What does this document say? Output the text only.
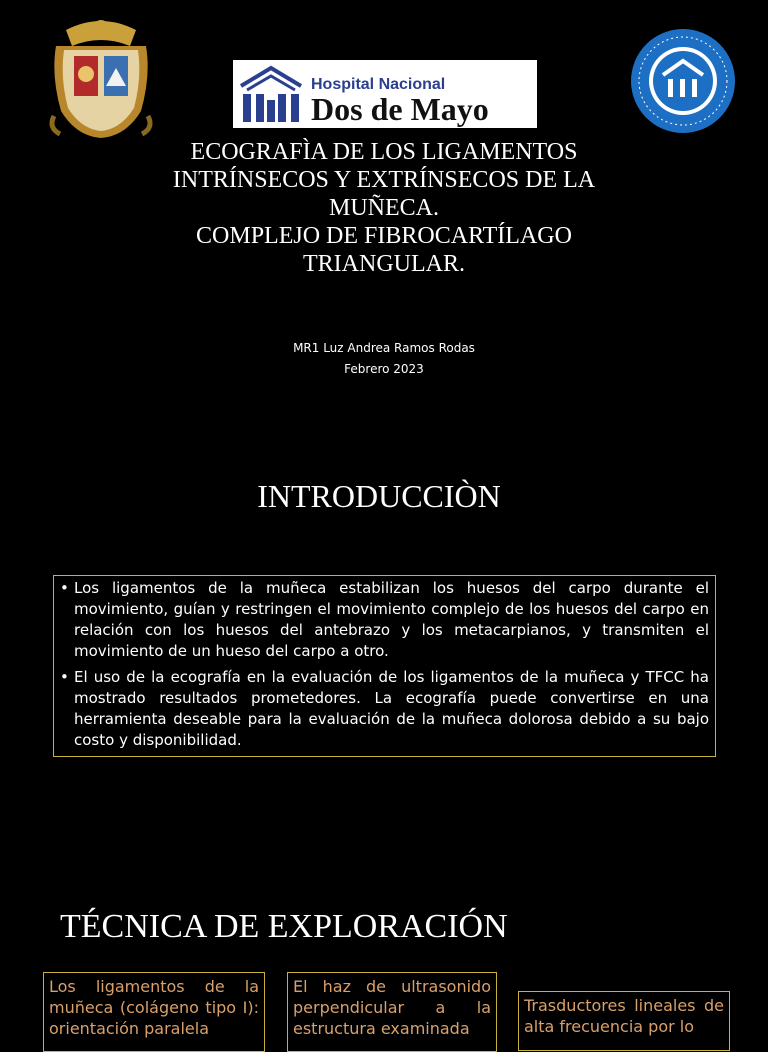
Hospital Nacional
Dos de Mayo
ECOGRAFÌA DE LOS LIGAMENTOS
INTRÍNSECOS Y EXTRÍNSECOS DE LA
MUÑECA.
COMPLEJO DE FIBROCARTÍLAGO
TRIANGULAR.
MR1 Luz Andrea Ramos Rodas
Febrero 2023
INTRODUCCIÒN
• Los ligamentos de la muñeca estabilizan los huesos del carpo durante el movimiento, guían y restringen el movimiento complejo de los huesos del carpo en relación con los huesos del antebrazo y los metacarpianos, y transmiten el movimiento de un hueso del carpo a otro.
• El uso de la ecografía en la evaluación de los ligamentos de la muñeca y TFCC ha mostrado resultados prometedores. La ecografía puede convertirse en una herramienta deseable para la evaluación de la muñeca dolorosa debido a su bajo costo y disponibilidad.
TÉCNICA DE EXPLORACIÓN
Los ligamentos de la muñeca (colágeno tipo I): orientación paralela
El haz de ultrasonido perpendicular a la estructura examinada
Trasductores lineales de alta frecuencia por lo
